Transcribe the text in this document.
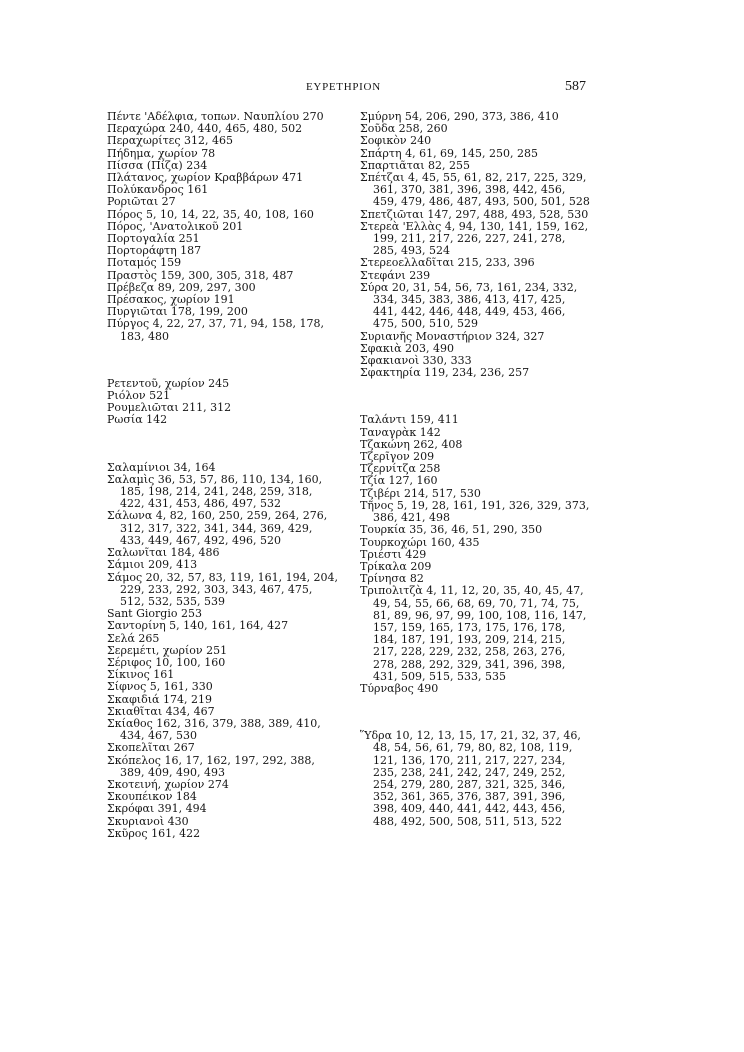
ΕΥΡΕΤΗΡΙΟΝ	587
Πέντε 'Αδέλφια, τοπων. Ναυπλίου 270
Περαχώρα 240, 440, 465, 480, 502
Περαχωρίτες 312, 465
Πήδημα, χωρίον 78
Πίσσα (Πίζα) 234
Πλάτανος, χωρίον Κραββάρων 471
Πολύκανδρος 161
Poριῶται 27
Πόρος 5, 10, 14, 22, 35, 40, 108, 160
Πόρος, 'Ανατολικοῦ 201
Πορτογαλία 251
Πορτοράφτη 187
Ποταμός 159
Πραστὸς 159, 300, 305, 318, 487
Πρέβεζα 89, 209, 297, 300
Πρέσακος, χωρίον 191
Πυργιῶται 178, 199, 200
Πύργος 4, 22, 27, 37, 71, 94, 158, 178, 183, 480
Ρετεντοῦ, χωρίον 245
Ριόλον 521
Ρουμελιῶται 211, 312
Ρωσία 142
Σαλαμίνιοι 34, 164
Σαλαμὶς 36, 53, 57, 86, 110, 134, 160, 185, 198, 214, 241, 248, 259, 318, 422, 431, 453, 486, 497, 532
Σάλωνα 4, 82, 160, 250, 259, 264, 276, 312, 317, 322, 341, 344, 369, 429, 433, 449, 467, 492, 496, 520
Σαλωνῖται 184, 486
Σάμιοι 209, 413
Σάμος 20, 32, 57, 83, 119, 161, 194, 204, 229, 233, 292, 303, 343, 467, 475, 512, 532, 535, 539
Sant Giorgio 253
Σαντορίνη 5, 140, 161, 164, 427
Σελά 265
Σερεμέτι, χωρίον 251
Σέριφος 10, 100, 160
Σίκινος 161
Σίφνος 5, 161, 330
Σκαφιδιά 174, 219
Σκιαθῖται 434, 467
Σκίαθος 162, 316, 379, 388, 389, 410, 434, 467, 530
Σκοπελῖται 267
Σκόπελος 16, 17, 162, 197, 292, 388, 389, 409, 490, 493
Σκοτεινή, χωρίον 274
Σκουπέικον 184
Σκρόφαι 391, 494
Σκυριανοὶ 430
Σκῦρος 161, 422
Σμύρνη 54, 206, 290, 373, 386, 410
Σοῦδα 258, 260
Σοφικὸν 240
Σπάρτη 4, 61, 69, 145, 250, 285
Σπαρτιᾶται 82, 255
Σπέτζαι 4, 45, 55, 61, 82, 217, 225, 329, 361, 370, 381, 396, 398, 442, 456, 459, 479, 486, 487, 493, 500, 501, 528
Σπετζιῶται 147, 297, 488, 493, 528, 530
Στερεὰ 'Ελλὰς 4, 94, 130, 141, 159, 162, 199, 211, 217, 226, 227, 241, 278, 285, 493, 524
Στερεοελλαδῖται 215, 233, 396
Στεφάνι 239
Σύρα 20, 31, 54, 56, 73, 161, 234, 332, 334, 345, 383, 386, 413, 417, 425, 441, 442, 446, 448, 449, 453, 466, 475, 500, 510, 529
Συριανῆς Μοναστήριον 324, 327
Σφακιὰ 203, 490
Σφακιανοὶ 330, 333
Σφακτηρία 119, 234, 236, 257
Ταλάντι 159, 411
Ταναγρὰκ 142
Τζακώνη 262, 408
Τζερῖγον 209
Τζερνίτζα 258
Τζία 127, 160
Τζιβέρι 214, 517, 530
Τῆνος 5, 19, 28, 161, 191, 326, 329, 373, 386, 421, 498
Τουρκία 35, 36, 46, 51, 290, 350
Τουρκοχώρι 160, 435
Τριέστι 429
Τρίκαλα 209
Τρίνησα 82
Τριπολιτζὰ 4, 11, 12, 20, 35, 40, 45, 47, 49, 54, 55, 66, 68, 69, 70, 71, 74, 75, 81, 89, 96, 97, 99, 100, 108, 116, 147, 157, 159, 165, 173, 175, 176, 178, 184, 187, 191, 193, 209, 214, 215, 217, 228, 229, 232, 258, 263, 276, 278, 288, 292, 329, 341, 396, 398, 431, 509, 515, 533, 535
Τύρναβος 490
Ὕδρα 10, 12, 13, 15, 17, 21, 32, 37, 46, 48, 54, 56, 61, 79, 80, 82, 108, 119, 121, 136, 170, 211, 217, 227, 234, 235, 238, 241, 242, 247, 249, 252, 254, 279, 280, 287, 321, 325, 346, 352, 361, 365, 376, 387, 391, 396, 398, 409, 440, 441, 442, 443, 456, 488, 492, 500, 508, 511, 513, 522
